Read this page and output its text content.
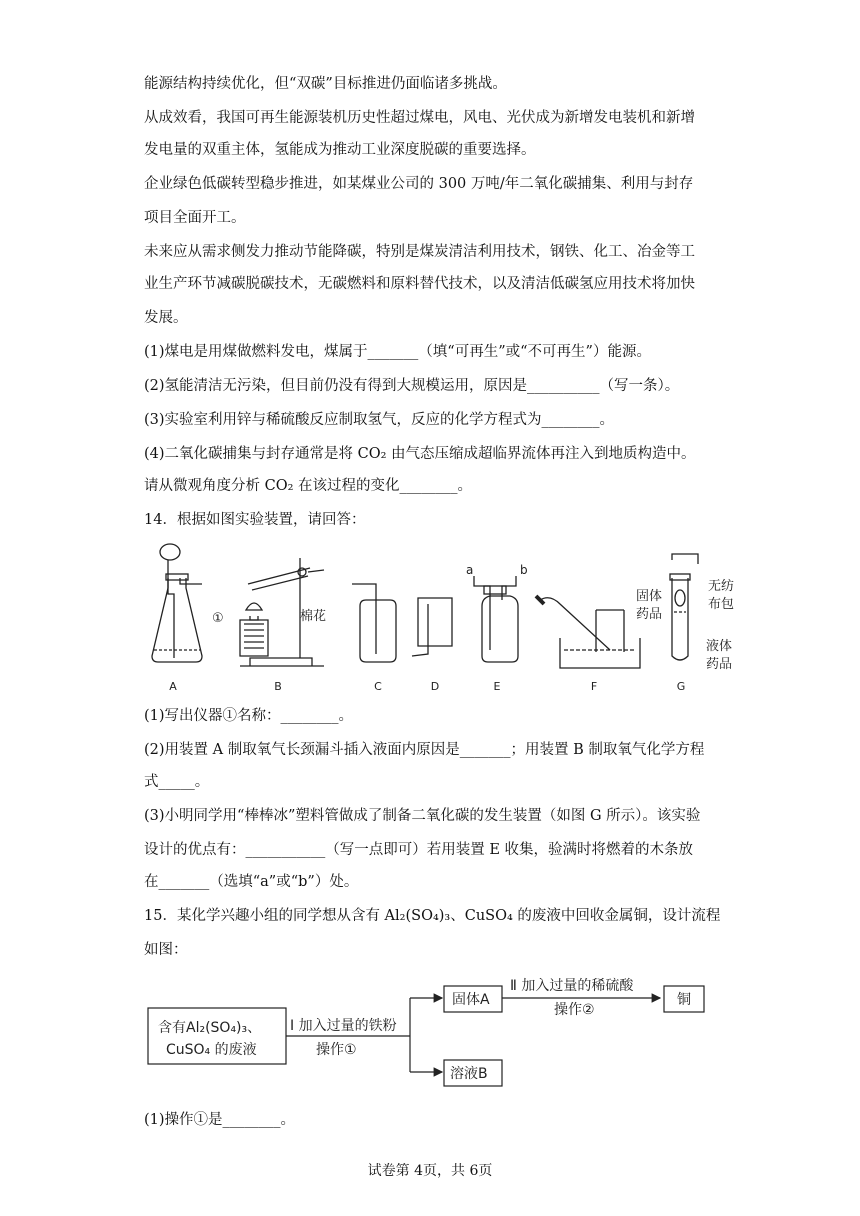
能源结构持续优化，但“双碳”目标推进仍面临诸多挑战。
从成效看，我国可再生能源装机历史性超过煤电，风电、光伏成为新增发电装机和新增
发电量的双重主体，氢能成为推动工业深度脱碳的重要选择。
企业绿色低碳转型稳步推进，如某煤业公司的 300 万吨/年二氧化碳捕集、利用与封存
项目全面开工。
未来应从需求侧发力推动节能降碳，特别是煤炭清洁利用技术，钢铁、化工、冶金等工
业生产环节减碳脱碳技术，无碳燃料和原料替代技术，以及清洁低碳氢应用技术将加快
发展。
(1)煤电是用煤做燃料发电，煤属于_______（填“可再生”或“不可再生”）能源。
(2)氢能清洁无污染，但目前仍没有得到大规模运用，原因是__________（写一条）。
(3)实验室利用锌与稀硫酸反应制取氢气，反应的化学方程式为________。
(4)二氧化碳捕集与封存通常是将 CO₂ 由气态压缩成超临界流体再注入到地质构造中。
请从微观角度分析 CO₂ 在该过程的变化________。
14．根据如图实验装置，请回答：
A	B	C	D	E	F	G
①	棉花
a	b
固体
药品
无纺
布包
液体
药品
(1)写出仪器①名称：________。
(2)用装置 A 制取氧气长颈漏斗插入液面内原因是_______；用装置 B 制取氧气化学方程
式_____。
(3)小明同学用“棒棒冰”塑料管做成了制备二氧化碳的发生装置（如图 G 所示）。该实验
设计的优点有：___________（写一点即可）若用装置 E 收集，验满时将燃着的木条放
在_______（选填“a”或“b”）处。
15．某化学兴趣小组的同学想从含有 Al₂(SO₄)₃、CuSO₄ 的废液中回收金属铜，设计流程
如图：
含有Al₂(SO₄)₃、
CuSO₄ 的废液
Ⅰ 加入过量的铁粉
操作①
固体A
Ⅱ 加入过量的稀硫酸
操作②
铜
溶液B
(1)操作①是________。
试卷第 4页，共 6页
